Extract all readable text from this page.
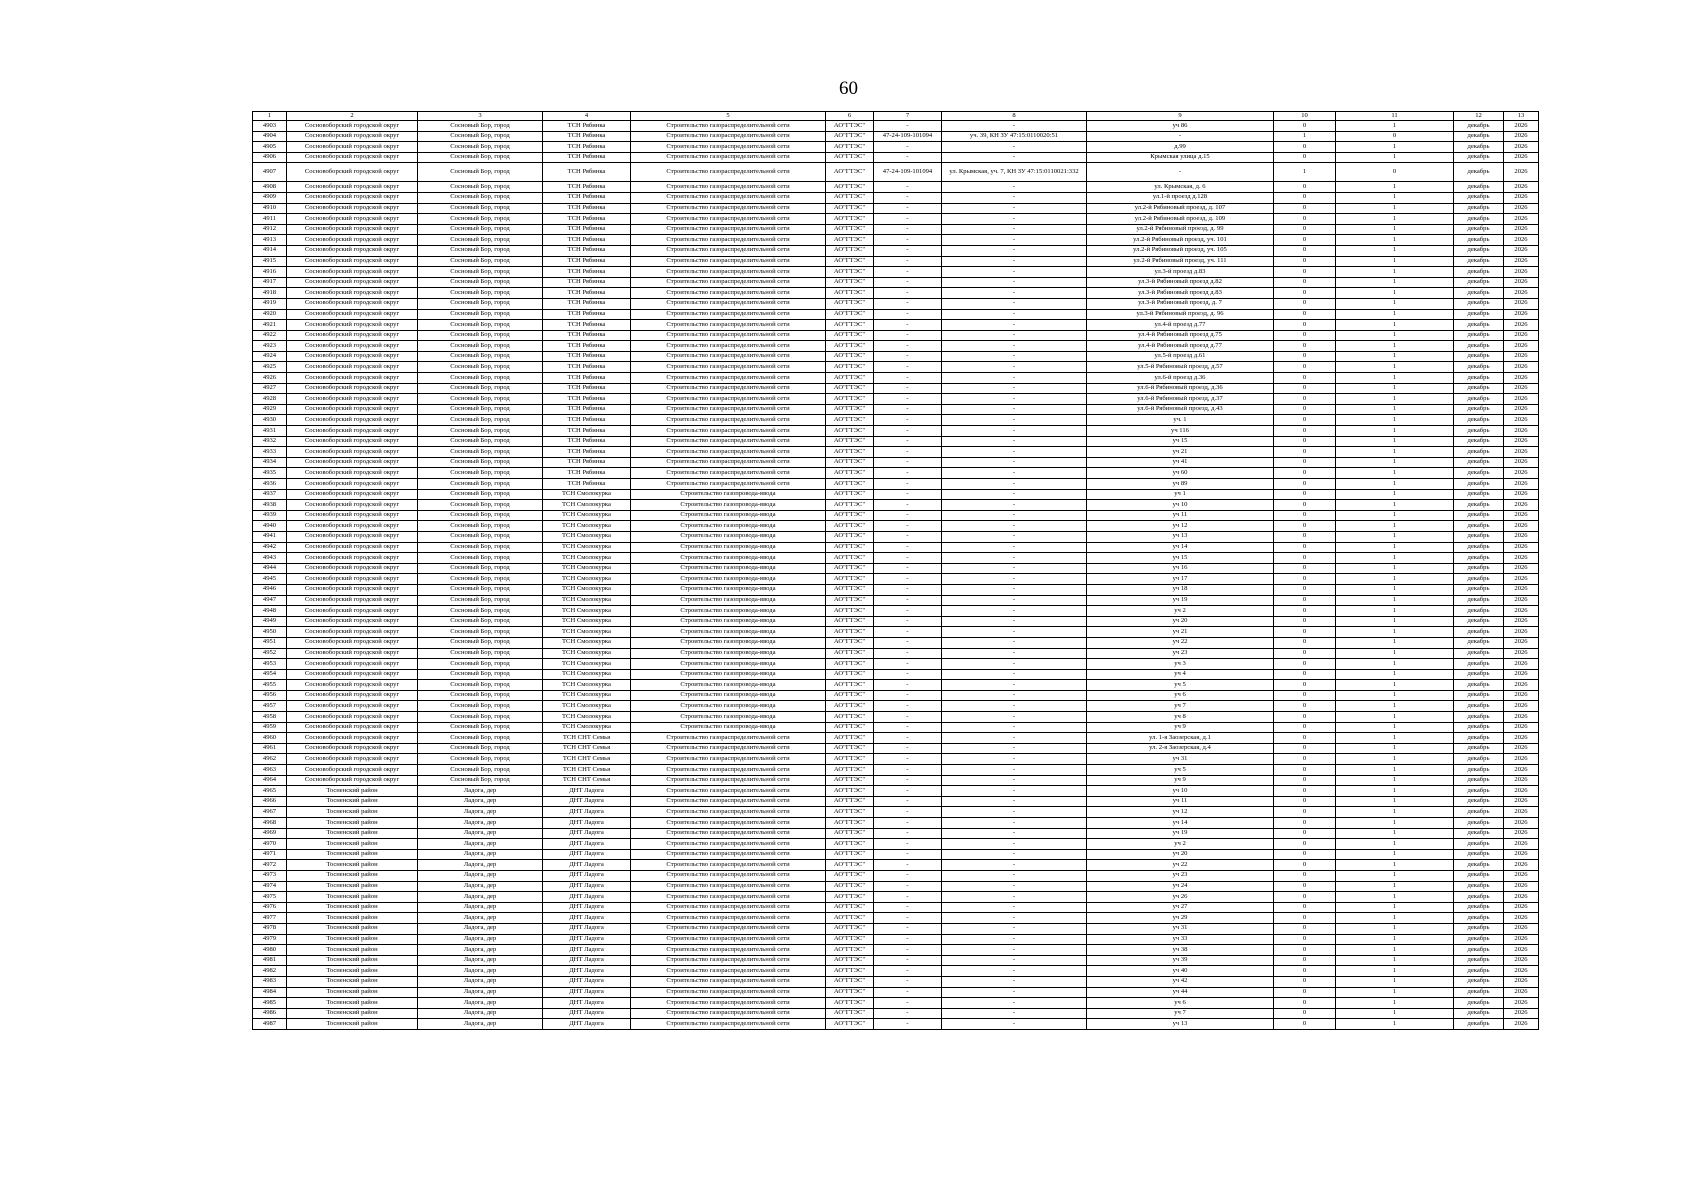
60
1	2	3	4	5	6	7	8	9	10	11	12	13
4903	Сосновоборский городской округ	Сосновый Бор, город	ТСН Рябинка	Строительство газораспределительной сети	АО"ГТЭС"	-	-	уч 86	0	1	декабрь	2026
4904	Сосновоборский городской округ	Сосновый Бор, город	ТСН Рябинка	Строительство газораспределительной сети	АО"ГТЭС"	47-24-109-101094	уч. 39, КН ЗУ 47:15:0110020:51	-	1	0	декабрь	2026
4905	Сосновоборский городской округ	Сосновый Бор, город	ТСН Рябинка	Строительство газораспределительной сети	АО"ГТЭС"	-	-	д.99	0	1	декабрь	2026
4906	Сосновоборский городской округ	Сосновый Бор, город	ТСН Рябинка	Строительство газораспределительной сети	АО"ГТЭС"	-	-	Крымская улица д.15	0	1	декабрь	2026
4907	Сосновоборский городской округ	Сосновый Бор, город	ТСН Рябинка	Строительство газораспределительной сети	АО"ГТЭС"	47-24-109-101094	ул. Крымская, уч. 7, КН ЗУ 47:15:0110021:332	-	1	0	декабрь	2026
4908	Сосновоборский городской округ	Сосновый Бор, город	ТСН Рябинка	Строительство газораспределительной сети	АО"ГТЭС"	-	-	ул. Крымская, д. 6	0	1	декабрь	2026
4909	Сосновоборский городской округ	Сосновый Бор, город	ТСН Рябинка	Строительство газораспределительной сети	АО"ГТЭС"	-	-	ул.1-й проезд д.128	0	1	декабрь	2026
4910	Сосновоборский городской округ	Сосновый Бор, город	ТСН Рябинка	Строительство газораспределительной сети	АО"ГТЭС"	-	-	ул.2-й Рябиновый проезд, д. 107	0	1	декабрь	2026
4911	Сосновоборский городской округ	Сосновый Бор, город	ТСН Рябинка	Строительство газораспределительной сети	АО"ГТЭС"	-	-	ул.2-й Рябиновый проезд, д. 109	0	1	декабрь	2026
4912	Сосновоборский городской округ	Сосновый Бор, город	ТСН Рябинка	Строительство газораспределительной сети	АО"ГТЭС"	-	-	ул.2-й Рябиновый проезд, д. 99	0	1	декабрь	2026
4913	Сосновоборский городской округ	Сосновый Бор, город	ТСН Рябинка	Строительство газораспределительной сети	АО"ГТЭС"	-	-	ул.2-й Рябиновый проезд, уч. 101	0	1	декабрь	2026
4914	Сосновоборский городской округ	Сосновый Бор, город	ТСН Рябинка	Строительство газораспределительной сети	АО"ГТЭС"	-	-	ул.2-й Рябиновый проезд, уч. 105	0	1	декабрь	2026
4915	Сосновоборский городской округ	Сосновый Бор, город	ТСН Рябинка	Строительство газораспределительной сети	АО"ГТЭС"	-	-	ул.2-й Рябиновый проезд, уч. 111	0	1	декабрь	2026
4916	Сосновоборский городской округ	Сосновый Бор, город	ТСН Рябинка	Строительство газораспределительной сети	АО"ГТЭС"	-	-	ул.3-й проезд д.83	0	1	декабрь	2026
4917	Сосновоборский городской округ	Сосновый Бор, город	ТСН Рябинка	Строительство газораспределительной сети	АО"ГТЭС"	-	-	ул.3-й Рябиновый проезд д.82	0	1	декабрь	2026
4918	Сосновоборский городской округ	Сосновый Бор, город	ТСН Рябинка	Строительство газораспределительной сети	АО"ГТЭС"	-	-	ул.3-й Рябиновый проезд д.83	0	1	декабрь	2026
4919	Сосновоборский городской округ	Сосновый Бор, город	ТСН Рябинка	Строительство газораспределительной сети	АО"ГТЭС"	-	-	ул.3-й Рябиновый проезд, д. 7	0	1	декабрь	2026
4920	Сосновоборский городской округ	Сосновый Бор, город	ТСН Рябинка	Строительство газораспределительной сети	АО"ГТЭС"	-	-	ул.3-й Рябиновый проезд, д. 96	0	1	декабрь	2026
4921	Сосновоборский городской округ	Сосновый Бор, город	ТСН Рябинка	Строительство газораспределительной сети	АО"ГТЭС"	-	-	ул.4-й проезд д.77	0	1	декабрь	2026
4922	Сосновоборский городской округ	Сосновый Бор, город	ТСН Рябинка	Строительство газораспределительной сети	АО"ГТЭС"	-	-	ул.4-й Рябиновый проезд д.75	0	1	декабрь	2026
4923	Сосновоборский городской округ	Сосновый Бор, город	ТСН Рябинка	Строительство газораспределительной сети	АО"ГТЭС"	-	-	ул.4-й Рябиновый проезд д.77	0	1	декабрь	2026
4924	Сосновоборский городской округ	Сосновый Бор, город	ТСН Рябинка	Строительство газораспределительной сети	АО"ГТЭС"	-	-	ул.5-й проезд д.61	0	1	декабрь	2026
4925	Сосновоборский городской округ	Сосновый Бор, город	ТСН Рябинка	Строительство газораспределительной сети	АО"ГТЭС"	-	-	ул.5-й Рябиновый проезд, д.57	0	1	декабрь	2026
4926	Сосновоборский городской округ	Сосновый Бор, город	ТСН Рябинка	Строительство газораспределительной сети	АО"ГТЭС"	-	-	ул.6-й проезд д.36	0	1	декабрь	2026
4927	Сосновоборский городской округ	Сосновый Бор, город	ТСН Рябинка	Строительство газораспределительной сети	АО"ГТЭС"	-	-	ул.6-й Рябиновый проезд, д.36	0	1	декабрь	2026
4928	Сосновоборский городской округ	Сосновый Бор, город	ТСН Рябинка	Строительство газораспределительной сети	АО"ГТЭС"	-	-	ул.6-й Рябиновый проезд, д.37	0	1	декабрь	2026
4929	Сосновоборский городской округ	Сосновый Бор, город	ТСН Рябинка	Строительство газораспределительной сети	АО"ГТЭС"	-	-	ул.6-й Рябиновый проезд, д.43	0	1	декабрь	2026
4930	Сосновоборский городской округ	Сосновый Бор, город	ТСН Рябинка	Строительство газораспределительной сети	АО"ГТЭС"	-	-	уч. 1	0	1	декабрь	2026
4931	Сосновоборский городской округ	Сосновый Бор, город	ТСН Рябинка	Строительство газораспределительной сети	АО"ГТЭС"	-	-	уч 116	0	1	декабрь	2026
4932	Сосновоборский городской округ	Сосновый Бор, город	ТСН Рябинка	Строительство газораспределительной сети	АО"ГТЭС"	-	-	уч 15	0	1	декабрь	2026
4933	Сосновоборский городской округ	Сосновый Бор, город	ТСН Рябинка	Строительство газораспределительной сети	АО"ГТЭС"	-	-	уч 21	0	1	декабрь	2026
4934	Сосновоборский городской округ	Сосновый Бор, город	ТСН Рябинка	Строительство газораспределительной сети	АО"ГТЭС"	-	-	уч 41	0	1	декабрь	2026
4935	Сосновоборский городской округ	Сосновый Бор, город	ТСН Рябинка	Строительство газораспределительной сети	АО"ГТЭС"	-	-	уч 60	0	1	декабрь	2026
4936	Сосновоборский городской округ	Сосновый Бор, город	ТСН Рябинка	Строительство газораспределительной сети	АО"ГТЭС"	-	-	уч 89	0	1	декабрь	2026
4937	Сосновоборский городской округ	Сосновый Бор, город	ТСН Смолокурка	Строительство газопровода-ввода	АО"ГТЭС"	-	-	уч 1	0	1	декабрь	2026
4938	Сосновоборский городской округ	Сосновый Бор, город	ТСН Смолокурка	Строительство газопровода-ввода	АО"ГТЭС"	-	-	уч 10	0	1	декабрь	2026
4939	Сосновоборский городской округ	Сосновый Бор, город	ТСН Смолокурка	Строительство газопровода-ввода	АО"ГТЭС"	-	-	уч 11	0	1	декабрь	2026
4940	Сосновоборский городской округ	Сосновый Бор, город	ТСН Смолокурка	Строительство газопровода-ввода	АО"ГТЭС"	-	-	уч 12	0	1	декабрь	2026
4941	Сосновоборский городской округ	Сосновый Бор, город	ТСН Смолокурка	Строительство газопровода-ввода	АО"ГТЭС"	-	-	уч 13	0	1	декабрь	2026
4942	Сосновоборский городской округ	Сосновый Бор, город	ТСН Смолокурка	Строительство газопровода-ввода	АО"ГТЭС"	-	-	уч 14	0	1	декабрь	2026
4943	Сосновоборский городской округ	Сосновый Бор, город	ТСН Смолокурка	Строительство газопровода-ввода	АО"ГТЭС"	-	-	уч 15	0	1	декабрь	2026
4944	Сосновоборский городской округ	Сосновый Бор, город	ТСН Смолокурка	Строительство газопровода-ввода	АО"ГТЭС"	-	-	уч 16	0	1	декабрь	2026
4945	Сосновоборский городской округ	Сосновый Бор, город	ТСН Смолокурка	Строительство газопровода-ввода	АО"ГТЭС"	-	-	уч 17	0	1	декабрь	2026
4946	Сосновоборский городской округ	Сосновый Бор, город	ТСН Смолокурка	Строительство газопровода-ввода	АО"ГТЭС"	-	-	уч 18	0	1	декабрь	2026
4947	Сосновоборский городской округ	Сосновый Бор, город	ТСН Смолокурка	Строительство газопровода-ввода	АО"ГТЭС"	-	-	уч 19	0	1	декабрь	2026
4948	Сосновоборский городской округ	Сосновый Бор, город	ТСН Смолокурка	Строительство газопровода-ввода	АО"ГТЭС"	-	-	уч 2	0	1	декабрь	2026
4949	Сосновоборский городской округ	Сосновый Бор, город	ТСН Смолокурка	Строительство газопровода-ввода	АО"ГТЭС"	-	-	уч 20	0	1	декабрь	2026
4950	Сосновоборский городской округ	Сосновый Бор, город	ТСН Смолокурка	Строительство газопровода-ввода	АО"ГТЭС"	-	-	уч 21	0	1	декабрь	2026
4951	Сосновоборский городской округ	Сосновый Бор, город	ТСН Смолокурка	Строительство газопровода-ввода	АО"ГТЭС"	-	-	уч 22	0	1	декабрь	2026
4952	Сосновоборский городской округ	Сосновый Бор, город	ТСН Смолокурка	Строительство газопровода-ввода	АО"ГТЭС"	-	-	уч 23	0	1	декабрь	2026
4953	Сосновоборский городской округ	Сосновый Бор, город	ТСН Смолокурка	Строительство газопровода-ввода	АО"ГТЭС"	-	-	уч 3	0	1	декабрь	2026
4954	Сосновоборский городской округ	Сосновый Бор, город	ТСН Смолокурка	Строительство газопровода-ввода	АО"ГТЭС"	-	-	уч 4	0	1	декабрь	2026
4955	Сосновоборский городской округ	Сосновый Бор, город	ТСН Смолокурка	Строительство газопровода-ввода	АО"ГТЭС"	-	-	уч 5	0	1	декабрь	2026
4956	Сосновоборский городской округ	Сосновый Бор, город	ТСН Смолокурка	Строительство газопровода-ввода	АО"ГТЭС"	-	-	уч 6	0	1	декабрь	2026
4957	Сосновоборский городской округ	Сосновый Бор, город	ТСН Смолокурка	Строительство газопровода-ввода	АО"ГТЭС"	-	-	уч 7	0	1	декабрь	2026
4958	Сосновоборский городской округ	Сосновый Бор, город	ТСН Смолокурка	Строительство газопровода-ввода	АО"ГТЭС"	-	-	уч 8	0	1	декабрь	2026
4959	Сосновоборский городской округ	Сосновый Бор, город	ТСН Смолокурка	Строительство газопровода-ввода	АО"ГТЭС"	-	-	уч 9	0	1	декабрь	2026
4960	Сосновоборский городской округ	Сосновый Бор, город	ТСН СНТ Семья	Строительство газораспределительной сети	АО"ГТЭС"	-	-	ул. 1-я Заозерская, д.1	0	1	декабрь	2026
4961	Сосновоборский городской округ	Сосновый Бор, город	ТСН СНТ Семья	Строительство газораспределительной сети	АО"ГТЭС"	-	-	ул. 2-я Заозерская, д.4	0	1	декабрь	2026
4962	Сосновоборский городской округ	Сосновый Бор, город	ТСН СНТ Семья	Строительство газораспределительной сети	АО"ГТЭС"	-	-	уч 31	0	1	декабрь	2026
4963	Сосновоборский городской округ	Сосновый Бор, город	ТСН СНТ Семья	Строительство газораспределительной сети	АО"ГТЭС"	-	-	уч 5	0	1	декабрь	2026
4964	Сосновоборский городской округ	Сосновый Бор, город	ТСН СНТ Семья	Строительство газораспределительной сети	АО"ГТЭС"	-	-	уч 9	0	1	декабрь	2026
4965	Тосненский район	Ладога, дер	ДНТ Ладога	Строительство газораспределительной сети	АО"ГТЭС"	-	-	уч 10	0	1	декабрь	2026
4966	Тосненский район	Ладога, дер	ДНТ Ладога	Строительство газораспределительной сети	АО"ГТЭС"	-	-	уч 11	0	1	декабрь	2026
4967	Тосненский район	Ладога, дер	ДНТ Ладога	Строительство газораспределительной сети	АО"ГТЭС"	-	-	уч 12	0	1	декабрь	2026
4968	Тосненский район	Ладога, дер	ДНТ Ладога	Строительство газораспределительной сети	АО"ГТЭС"	-	-	уч 14	0	1	декабрь	2026
4969	Тосненский район	Ладога, дер	ДНТ Ладога	Строительство газораспределительной сети	АО"ГТЭС"	-	-	уч 19	0	1	декабрь	2026
4970	Тосненский район	Ладога, дер	ДНТ Ладога	Строительство газораспределительной сети	АО"ГТЭС"	-	-	уч 2	0	1	декабрь	2026
4971	Тосненский район	Ладога, дер	ДНТ Ладога	Строительство газораспределительной сети	АО"ГТЭС"	-	-	уч 20	0	1	декабрь	2026
4972	Тосненский район	Ладога, дер	ДНТ Ладога	Строительство газораспределительной сети	АО"ГТЭС"	-	-	уч 22	0	1	декабрь	2026
4973	Тосненский район	Ладога, дер	ДНТ Ладога	Строительство газораспределительной сети	АО"ГТЭС"	-	-	уч 23	0	1	декабрь	2026
4974	Тосненский район	Ладога, дер	ДНТ Ладога	Строительство газораспределительной сети	АО"ГТЭС"	-	-	уч 24	0	1	декабрь	2026
4975	Тосненский район	Ладога, дер	ДНТ Ладога	Строительство газораспределительной сети	АО"ГТЭС"	-	-	уч 26	0	1	декабрь	2026
4976	Тосненский район	Ладога, дер	ДНТ Ладога	Строительство газораспределительной сети	АО"ГТЭС"	-	-	уч 27	0	1	декабрь	2026
4977	Тосненский район	Ладога, дер	ДНТ Ладога	Строительство газораспределительной сети	АО"ГТЭС"	-	-	уч 29	0	1	декабрь	2026
4978	Тосненский район	Ладога, дер	ДНТ Ладога	Строительство газораспределительной сети	АО"ГТЭС"	-	-	уч 31	0	1	декабрь	2026
4979	Тосненский район	Ладога, дер	ДНТ Ладога	Строительство газораспределительной сети	АО"ГТЭС"	-	-	уч 33	0	1	декабрь	2026
4980	Тосненский район	Ладога, дер	ДНТ Ладога	Строительство газораспределительной сети	АО"ГТЭС"	-	-	уч 38	0	1	декабрь	2026
4981	Тосненский район	Ладога, дер	ДНТ Ладога	Строительство газораспределительной сети	АО"ГТЭС"	-	-	уч 39	0	1	декабрь	2026
4982	Тосненский район	Ладога, дер	ДНТ Ладога	Строительство газораспределительной сети	АО"ГТЭС"	-	-	уч 40	0	1	декабрь	2026
4983	Тосненский район	Ладога, дер	ДНТ Ладога	Строительство газораспределительной сети	АО"ГТЭС"	-	-	уч 42	0	1	декабрь	2026
4984	Тосненский район	Ладога, дер	ДНТ Ладога	Строительство газораспределительной сети	АО"ГТЭС"	-	-	уч 44	0	1	декабрь	2026
4985	Тосненский район	Ладога, дер	ДНТ Ладога	Строительство газораспределительной сети	АО"ГТЭС"	-	-	уч 6	0	1	декабрь	2026
4986	Тосненский район	Ладога, дер	ДНТ Ладога	Строительство газораспределительной сети	АО"ГТЭС"	-	-	уч 7	0	1	декабрь	2026
4987	Тосненский район	Ладога, дер	ДНТ Ладога	Строительство газораспределительной сети	АО"ГТЭС"	-	-	уч 13	0	1	декабрь	2026
